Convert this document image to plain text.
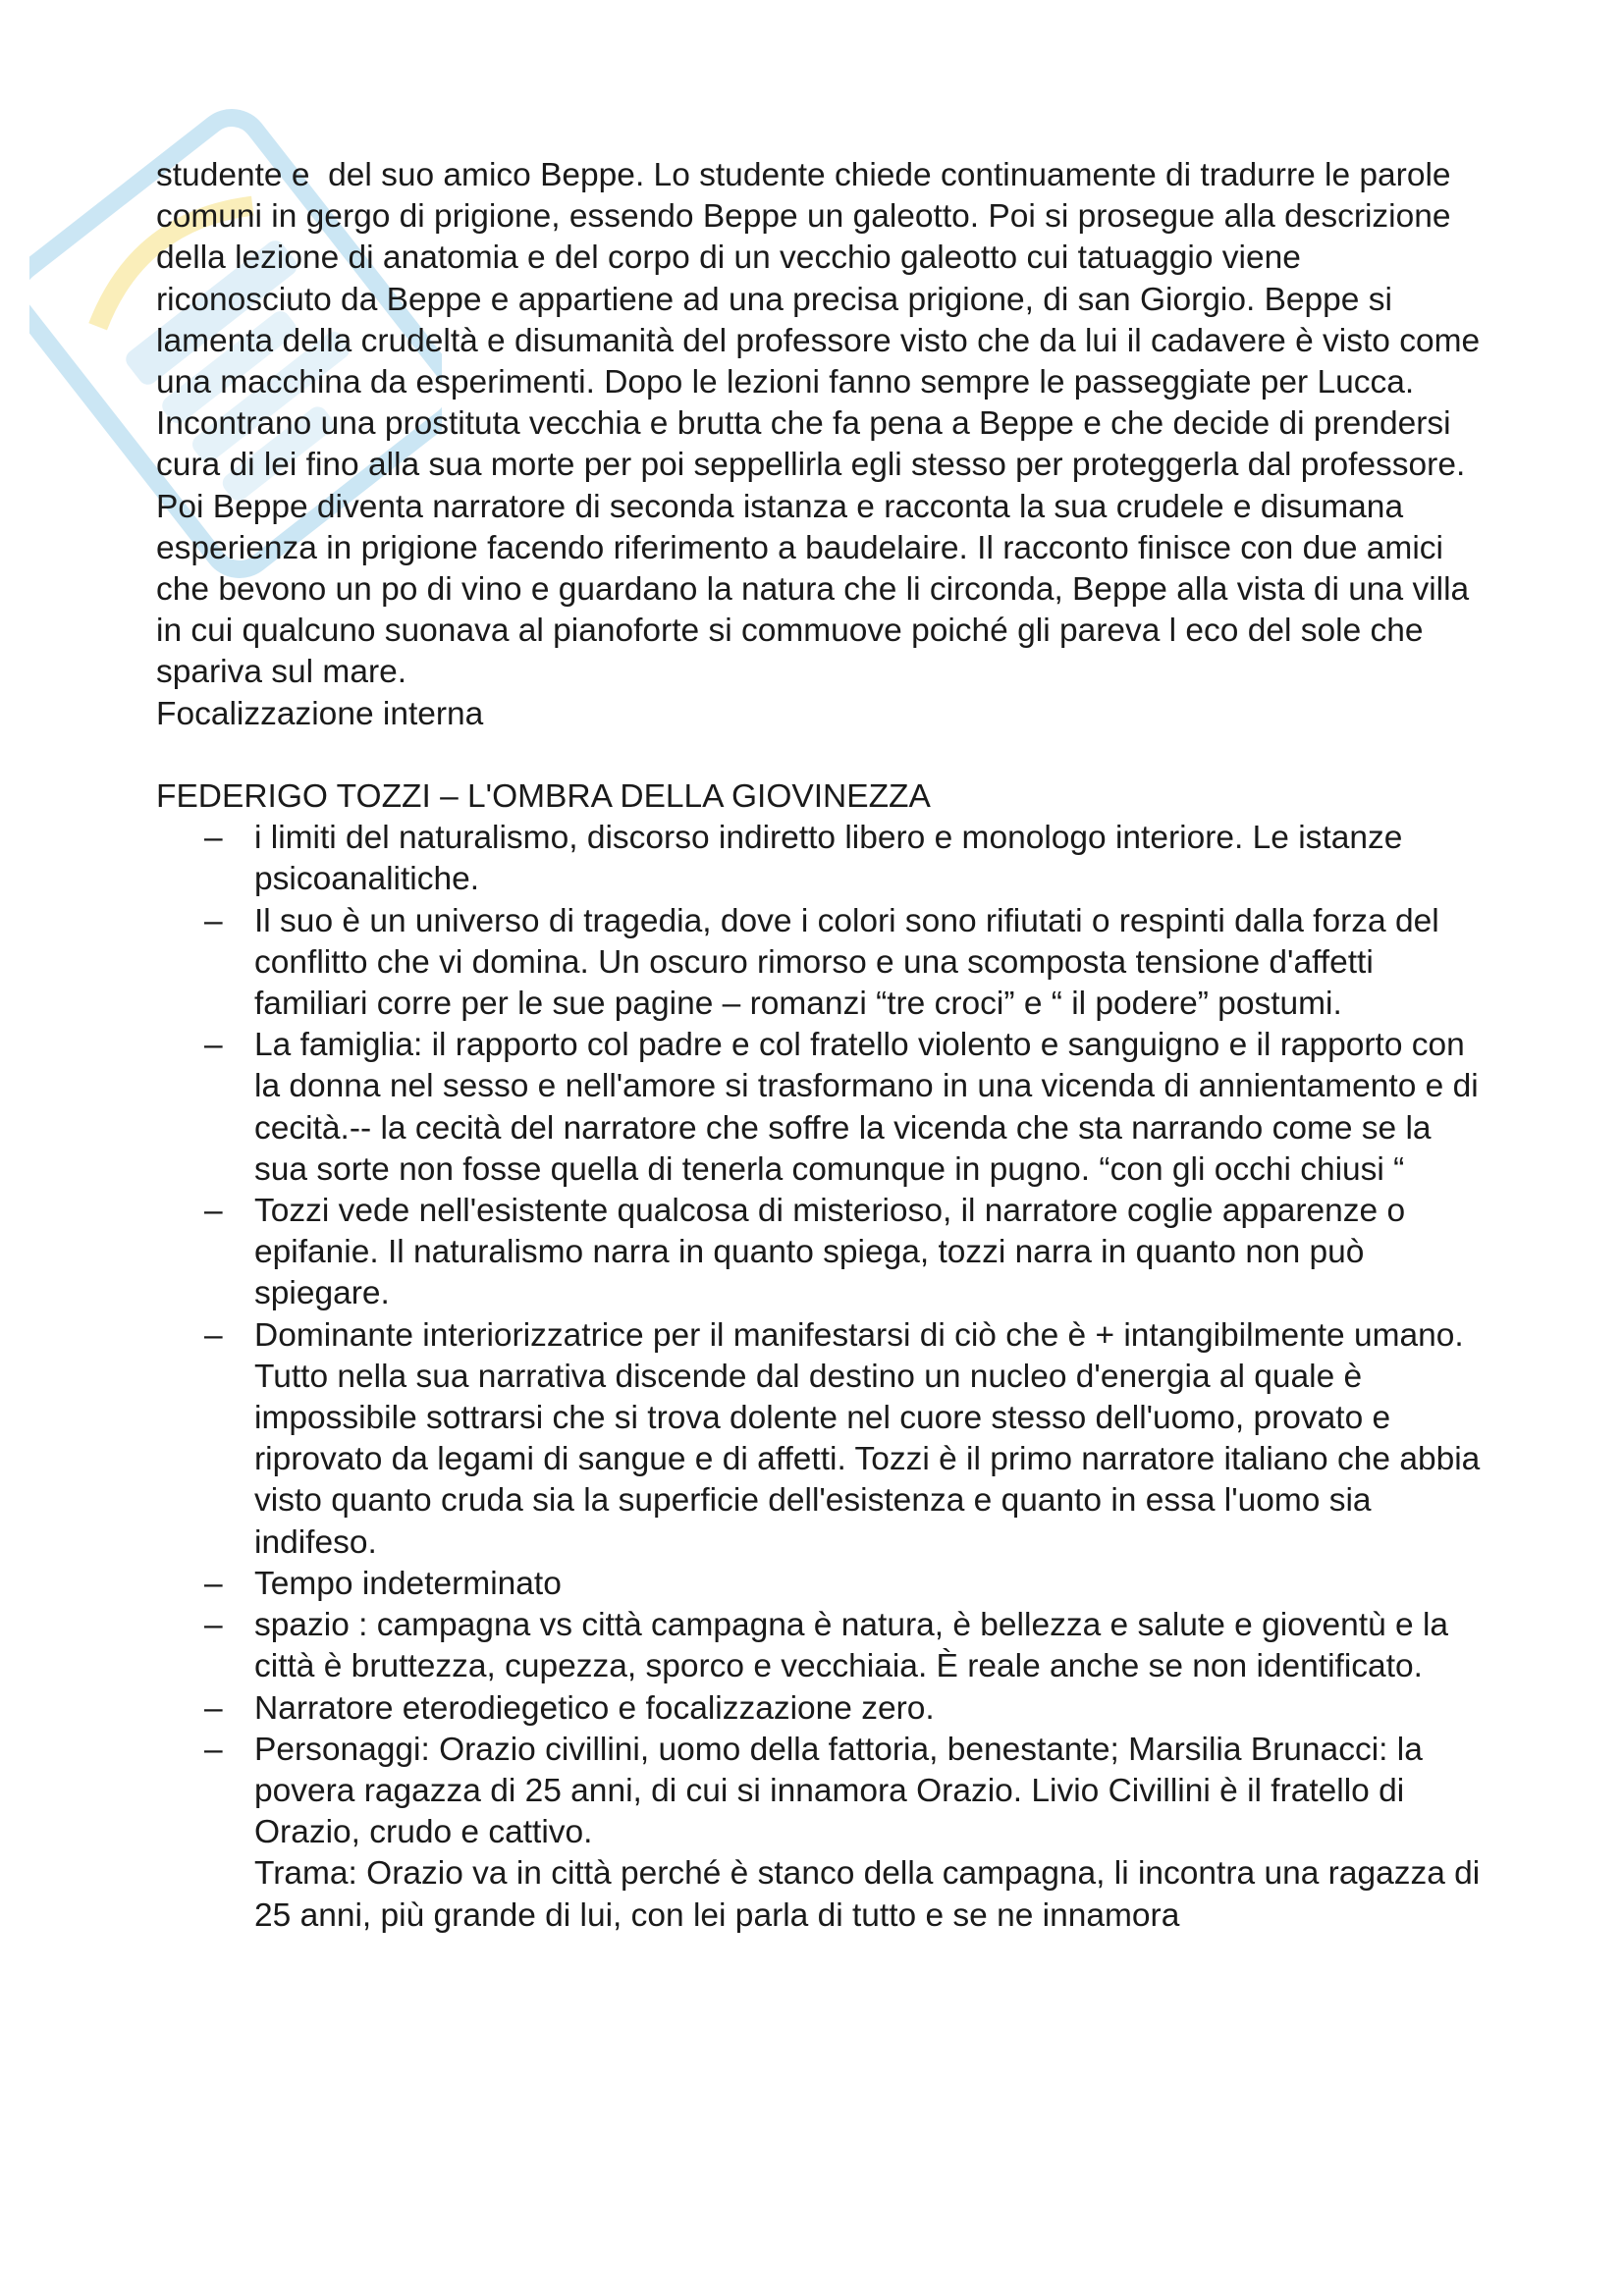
studente e  del suo amico Beppe. Lo studente chiede continuamente di tradurre le parole comuni in gergo di prigione, essendo Beppe un galeotto. Poi si prosegue alla descrizione della lezione di anatomia e del corpo di un vecchio galeotto cui tatuaggio viene riconosciuto da Beppe e appartiene ad una precisa prigione, di san Giorgio. Beppe si lamenta della crudeltà e disumanità del professore visto che da lui il cadavere è visto come una macchina da esperimenti. Dopo le lezioni fanno sempre le passeggiate per Lucca. Incontrano una prostituta vecchia e brutta che fa pena a Beppe e che decide di prendersi cura di lei fino alla sua morte per poi seppellirla egli stesso per proteggerla dal professore. Poi Beppe diventa narratore di seconda istanza e racconta la sua crudele e disumana esperienza in prigione facendo riferimento a baudelaire. Il racconto finisce con due amici che bevono un po di vino e guardano la natura che li circonda, Beppe alla vista di una villa in cui qualcuno suonava al pianoforte si commuove poiché gli pareva l eco del sole che spariva sul mare.

Focalizzazione interna

FEDERIGO TOZZI – L'OMBRA DELLA GIOVINEZZA

– i limiti del naturalismo, discorso indiretto libero e monologo interiore. Le istanze psicoanalitiche.
– Il suo è un universo di tragedia, dove i colori sono rifiutati o respinti dalla forza del conflitto che vi domina. Un oscuro rimorso e una scomposta tensione d'affetti familiari corre per le sue pagine – romanzi “tre croci” e “ il podere” postumi.
– La famiglia: il rapporto col padre e col fratello violento e sanguigno e il rapporto con la donna nel sesso e nell'amore si trasformano in una vicenda di annientamento e di cecità.-- la cecità del narratore che soffre la vicenda che sta narrando come se la sua sorte non fosse quella di tenerla comunque in pugno. “con gli occhi chiusi “
– Tozzi vede nell'esistente qualcosa di misterioso, il narratore coglie apparenze o epifanie. Il naturalismo narra in quanto spiega, tozzi narra in quanto non può spiegare.
– Dominante interiorizzatrice per il manifestarsi di ciò che è + intangibilmente umano. Tutto nella sua narrativa discende dal destino un nucleo d'energia al quale è impossibile sottrarsi che si trova dolente nel cuore stesso dell'uomo, provato e riprovato da legami di sangue e di affetti. Tozzi è il primo narratore italiano che abbia visto quanto cruda sia la superficie dell'esistenza e quanto in essa l'uomo sia indifeso.
– Tempo indeterminato
– spazio : campagna vs città campagna è natura, è bellezza e salute e gioventù e la città è bruttezza, cupezza, sporco e vecchiaia. È reale anche se non identificato.
– Narratore eterodiegetico e focalizzazione zero.
– Personaggi: Orazio civillini, uomo della fattoria, benestante; Marsilia Brunacci: la povera ragazza di 25 anni, di cui si innamora Orazio. Livio Civillini è il fratello di Orazio, crudo e cattivo.
Trama: Orazio va in città perché è stanco della campagna, li incontra una ragazza di 25 anni, più grande di lui, con lei parla di tutto e se ne innamora
